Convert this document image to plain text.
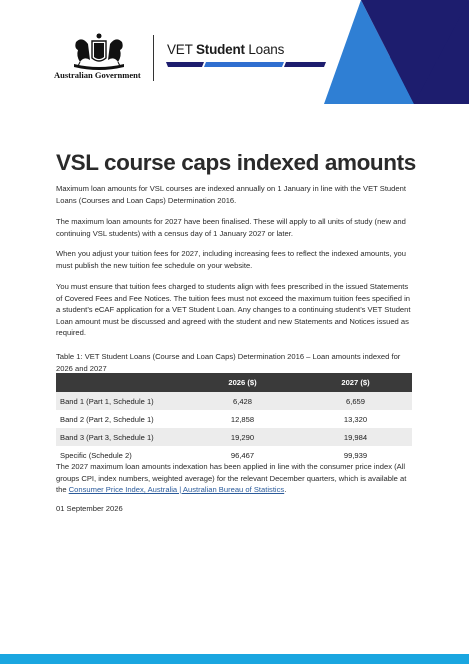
Australian Government
VET Student Loans
VSL course caps indexed amounts

Maximum loan amounts for VSL courses are indexed annually on 1 January in line with the VET Student Loans (Courses and Loan Caps) Determination 2016.

The maximum loan amounts for 2027 have been finalised. These will apply to all units of study (new and continuing VSL students) with a census day of 1 January 2027 or later.

When you adjust your tuition fees for 2027, including increasing fees to reflect the indexed amounts, you must publish the new tuition fee schedule on your website.

You must ensure that tuition fees charged to students align with fees prescribed in the issued Statements of Covered Fees and Fee Notices. The tuition fees must not exceed the maximum tuition fees specified in a student’s eCAF application for a VET Student Loan. Any changes to a continuing student’s VET Student Loan amount must be discussed and agreed with the student and new Statements and Notices issued as required.

Table 1: VET Student Loans (Course and Loan Caps) Determination 2016 – Loan amounts indexed for 2026 and 2027

	2026 ($)	2027 ($)
Band 1 (Part 1, Schedule 1)	6,428	6,659
Band 2 (Part 2, Schedule 1)	12,858	13,320
Band 3 (Part 3, Schedule 1)	19,290	19,984
Specific (Schedule 2)	96,467	99,939

The 2027 maximum loan amounts indexation has been applied in line with the consumer price index (All groups CPI, index numbers, weighted average) for the relevant December quarters, which is available at the Consumer Price Index, Australia | Australian Bureau of Statistics.

01 September 2026
